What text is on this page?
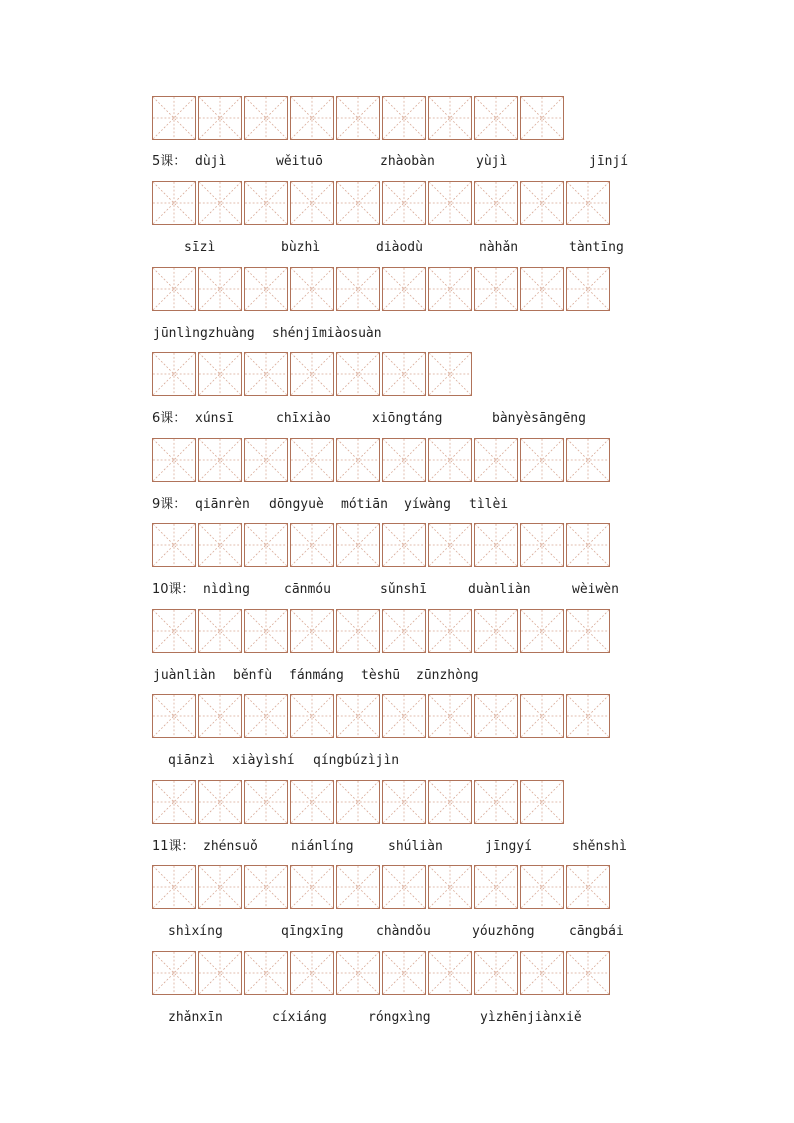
5课： dùjì	wěituō	zhàobàn	yùjì	jīnjí
sīzì	bùzhì	diàodù	nàhǎn	tàntīng
jūnlìngzhuàng shénjīmiàosuàn
6课： xúnsī	chīxiào	xiōngtáng	bànyèsāngēng
9课： qiānrèn dōngyuè mótiān yíwàng tìlèi
10课： nìdìng	cānmóu	sǔnshī	duànliàn	wèiwèn
juànliàn běnfù fánmáng tèshū zūnzhòng
qiānzì xiàyìshí qíngbúzìjìn
11课： zhénsuǒ	niánlíng	shúliàn	jīngyí	shěnshì
shìxíng	qīngxīng chàndǒu	yóuzhōng	cāngbái
zhǎnxīn	cíxiáng	róngxìng	yìzhēnjiànxiě
